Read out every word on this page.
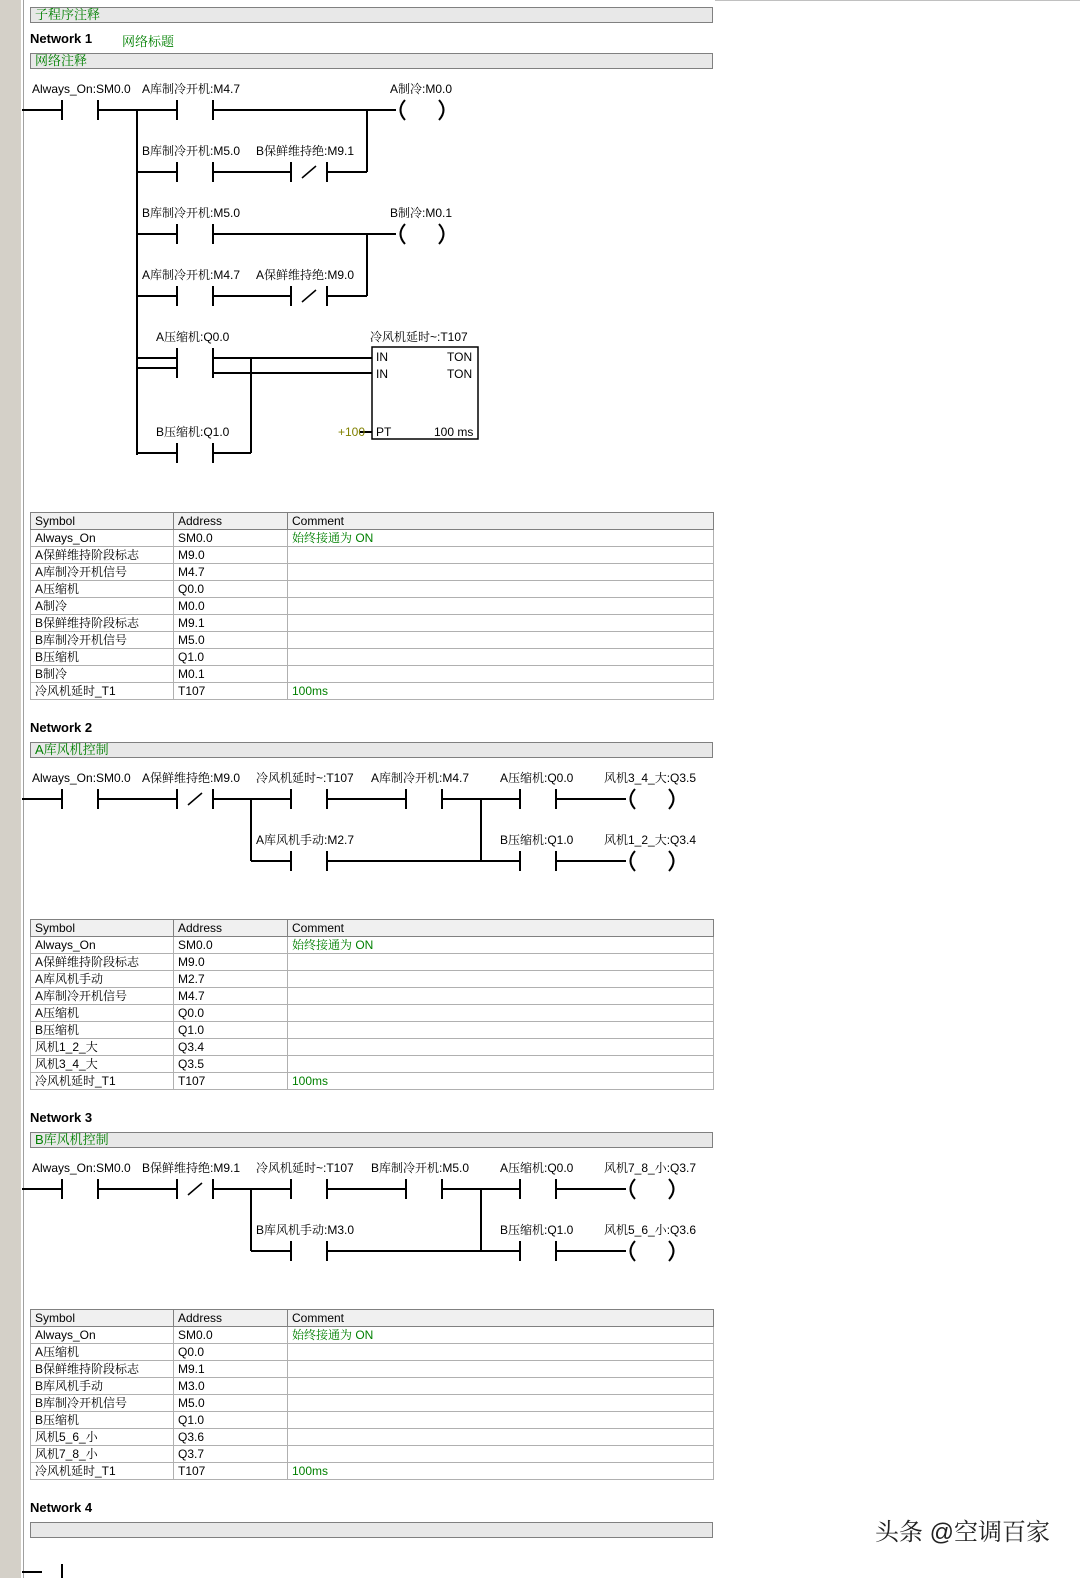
子程序注释
Network 1 网络标题
网络注释
Always_On:SM0.0 A库制冷开机:M4.7	A制冷:M0.0
B库制冷开机:M5.0 B保鲜维持绝:M9.1
B库制冷开机:M5.0	B制冷:M0.1
A库制冷开机:M4.7 A保鲜维持绝:M9.0
A压缩机:Q0.0
B压缩机:Q1.0
冷风机延时~:T107
IN	TON
IN	TON
+100 PT	100 ms
Symbol	Address	Comment
Always_On	SM0.0	始终接通为 ON
A保鲜维持阶段标志	M9.0	
A库制冷开机信号	M4.7	
A压缩机	Q0.0	
A制冷	M0.0	
B保鲜维持阶段标志	M9.1	
B库制冷开机信号	M5.0	
B压缩机	Q1.0	
B制冷	M0.1	
冷风机延时_T1	T107	100ms
Network 2
A库风机控制
Always_On:SM0.0 A保鲜维持绝:M9.0 冷风机延时~:T107 A库制冷开机:M4.7	A压缩机:Q0.0	风机3_4_大:Q3.5
A库风机手动:M2.7	B压缩机:Q1.0	风机1_2_大:Q3.4
Symbol	Address	Comment
Always_On	SM0.0	始终接通为 ON
A保鲜维持阶段标志	M9.0	
A库风机手动	M2.7	
A库制冷开机信号	M4.7	
A压缩机	Q0.0	
B压缩机	Q1.0	
风机1_2_大	Q3.4	
风机3_4_大	Q3.5	
冷风机延时_T1	T107	100ms
Network 3
B库风机控制
Always_On:SM0.0 B保鲜维持绝:M9.1 冷风机延时~:T107 B库制冷开机:M5.0	A压缩机:Q0.0	风机7_8_小:Q3.7
B库风机手动:M3.0	B压缩机:Q1.0	风机5_6_小:Q3.6
Symbol	Address	Comment
Always_On	SM0.0	始终接通为 ON
A压缩机	Q0.0	
B保鲜维持阶段标志	M9.1	
B库风机手动	M3.0	
B库制冷开机信号	M5.0	
B压缩机	Q1.0	
风机5_6_小	Q3.6	
风机7_8_小	Q3.7	
冷风机延时_T1	T107	100ms
Network 4
头条 @空调百家
